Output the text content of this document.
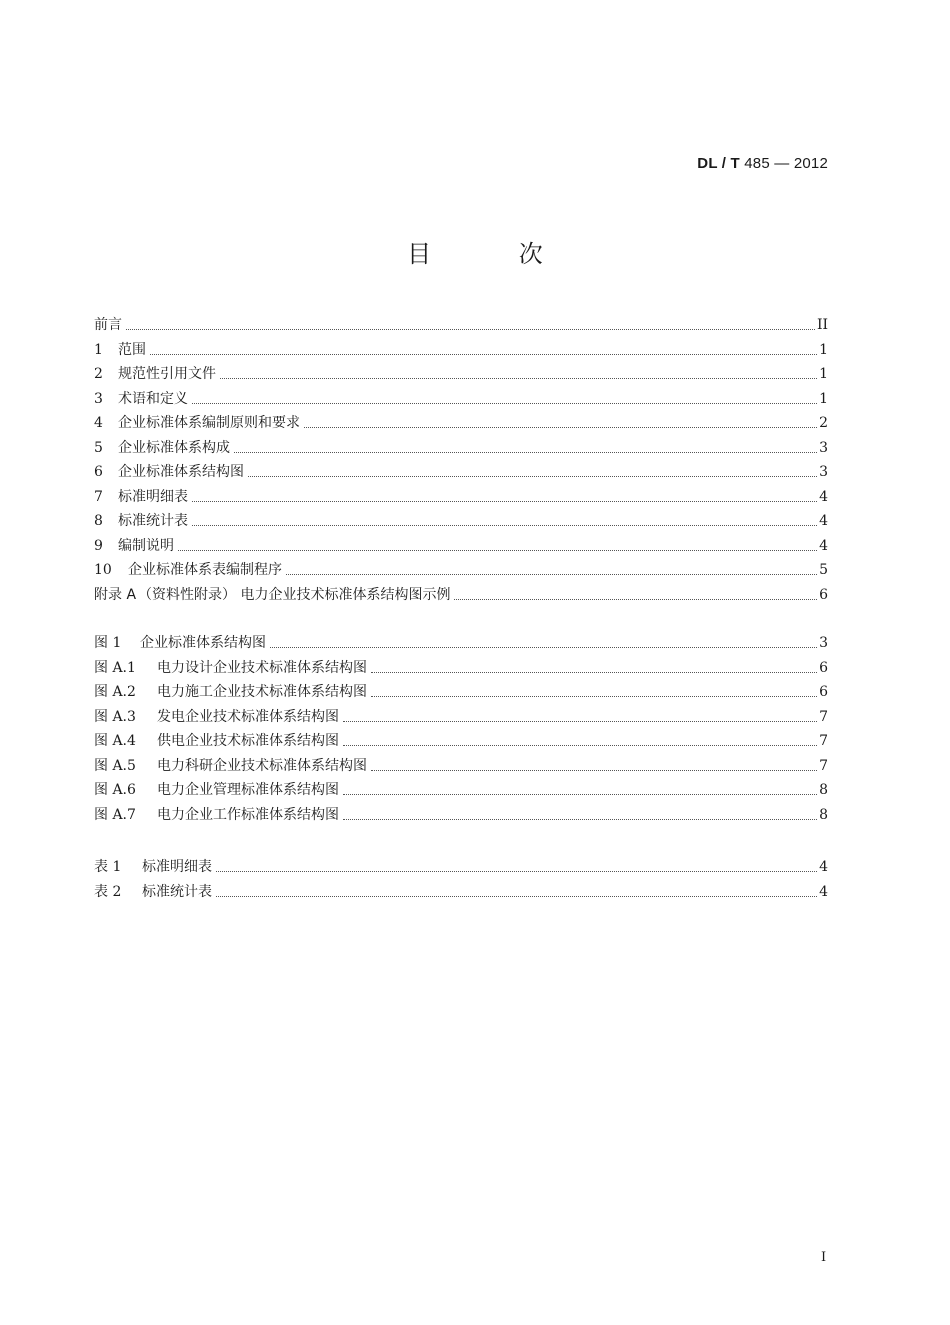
DL / T 485 — 2012
目 次
前言	II
1	范围	1
2	规范性引用文件	1
3	术语和定义	1
4	企业标准体系编制原则和要求	2
5	企业标准体系构成	3
6	企业标准体系结构图	3
7	标准明细表	4
8	标准统计表	4
9	编制说明	4
10	企业标准体系表编制程序	5
附录 A （资料性附录） 电力企业技术标准体系结构图示例	6
图 1	企业标准体系结构图	3
图 A.1	电力设计企业技术标准体系结构图	6
图 A.2	电力施工企业技术标准体系结构图	6
图 A.3	发电企业技术标准体系结构图	7
图 A.4	供电企业技术标准体系结构图	7
图 A.5	电力科研企业技术标准体系结构图	7
图 A.6	电力企业管理标准体系结构图	8
图 A.7	电力企业工作标准体系结构图	8
表 1	标准明细表	4
表 2	标准统计表	4
I
